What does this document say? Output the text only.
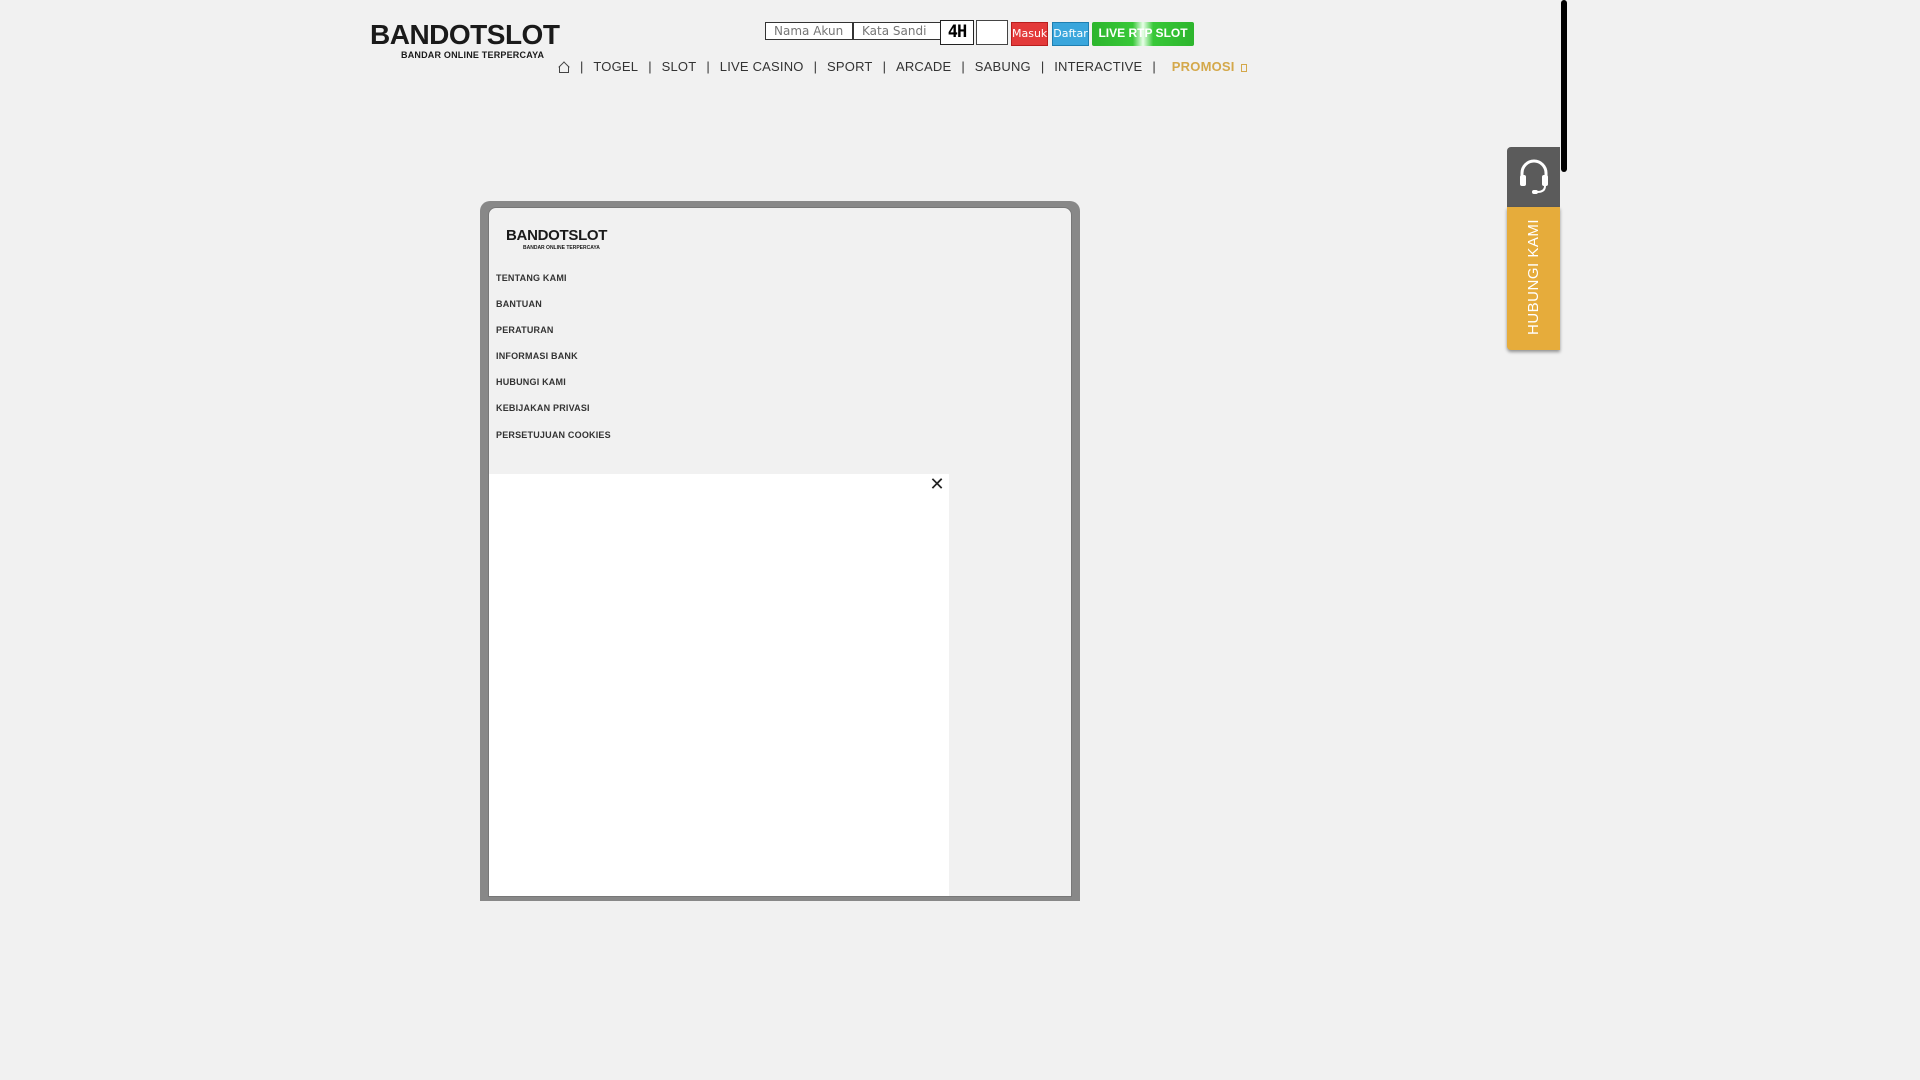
BANDOTSLOT
BANDAR ONLINE TERPERCAYA
Nama Akun
4H	Masuk Daftar LIVE RTP SLOT
| TOGEL | SLOT | LIVE CASINO | SPORT | ARCADE | SABUNG | INTERACTIVE | PROMOSI
BANDOTSLOT
BANDAR ONLINE TERPERCAYA
TENTANG KAMI
BANTUAN
PERATURAN
INFORMASI BANK
HUBUNGI KAMI
KEBIJAKAN PRIVASI
PERSETUJUAN COOKIES
✕
HUBUNGI KAMI
